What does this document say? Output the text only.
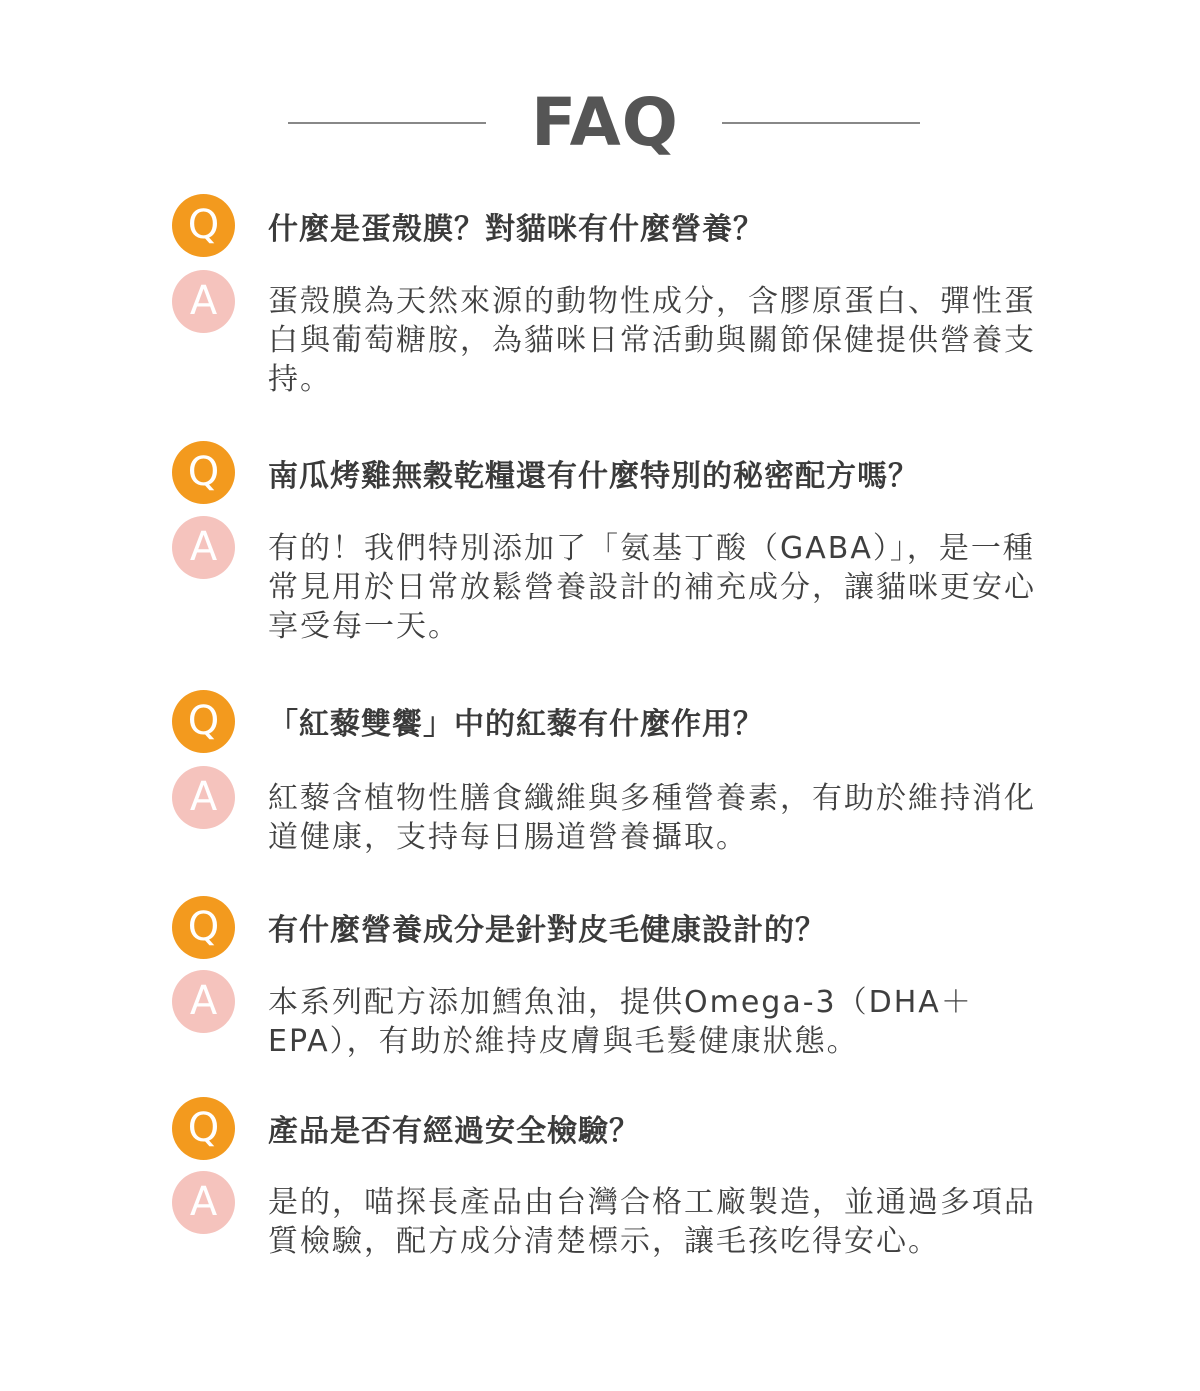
FAQ
Q	什麼是蛋殼膜？對貓咪有什麼營養？
A	蛋殼膜為天然來源的動物性成分，含膠原蛋白、彈性蛋白與葡萄糖胺，為貓咪日常活動與關節保健提供營養支持。
Q	南瓜烤雞無穀乾糧還有什麼特別的秘密配方嗎？
A	有的！我們特別添加了「氨基丁酸（GABA）」，是一種常見用於日常放鬆營養設計的補充成分，讓貓咪更安心享受每一天。
Q	「紅藜雙饗」中的紅藜有什麼作用？
A	紅藜含植物性膳食纖維與多種營養素，有助於維持消化道健康，支持每日腸道營養攝取。
Q	有什麼營養成分是針對皮毛健康設計的？
A	本系列配方添加鱈魚油，提供Omega-3（DHA＋EPA），有助於維持皮膚與毛髮健康狀態。
Q	產品是否有經過安全檢驗？
A	是的，喵探長產品由台灣合格工廠製造，並通過多項品質檢驗，配方成分清楚標示，讓毛孩吃得安心。
